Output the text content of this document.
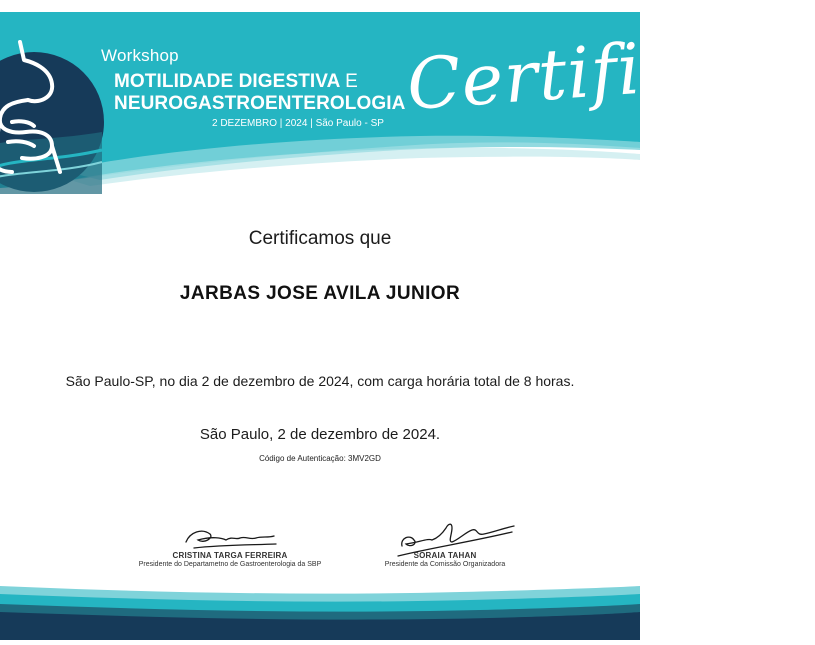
Workshop
MOTILIDADE DIGESTIVA E
NEUROGASTROENTEROLOGIA
2 DEZEMBRO | 2024 | São Paulo - SP Certificado
Certificamos que
JARBAS JOSE AVILA JUNIOR
São Paulo-SP, no dia 2 de dezembro de 2024, com carga horária total de 8 horas.
São Paulo, 2 de dezembro de 2024.
Código de Autenticação: 3MV2GD
CRISTINA TARGA FERREIRA
Presidente do Departametno de Gastroenterologia da SBP
SORAIA TAHAN
Presidente da Comissão Organizadora
